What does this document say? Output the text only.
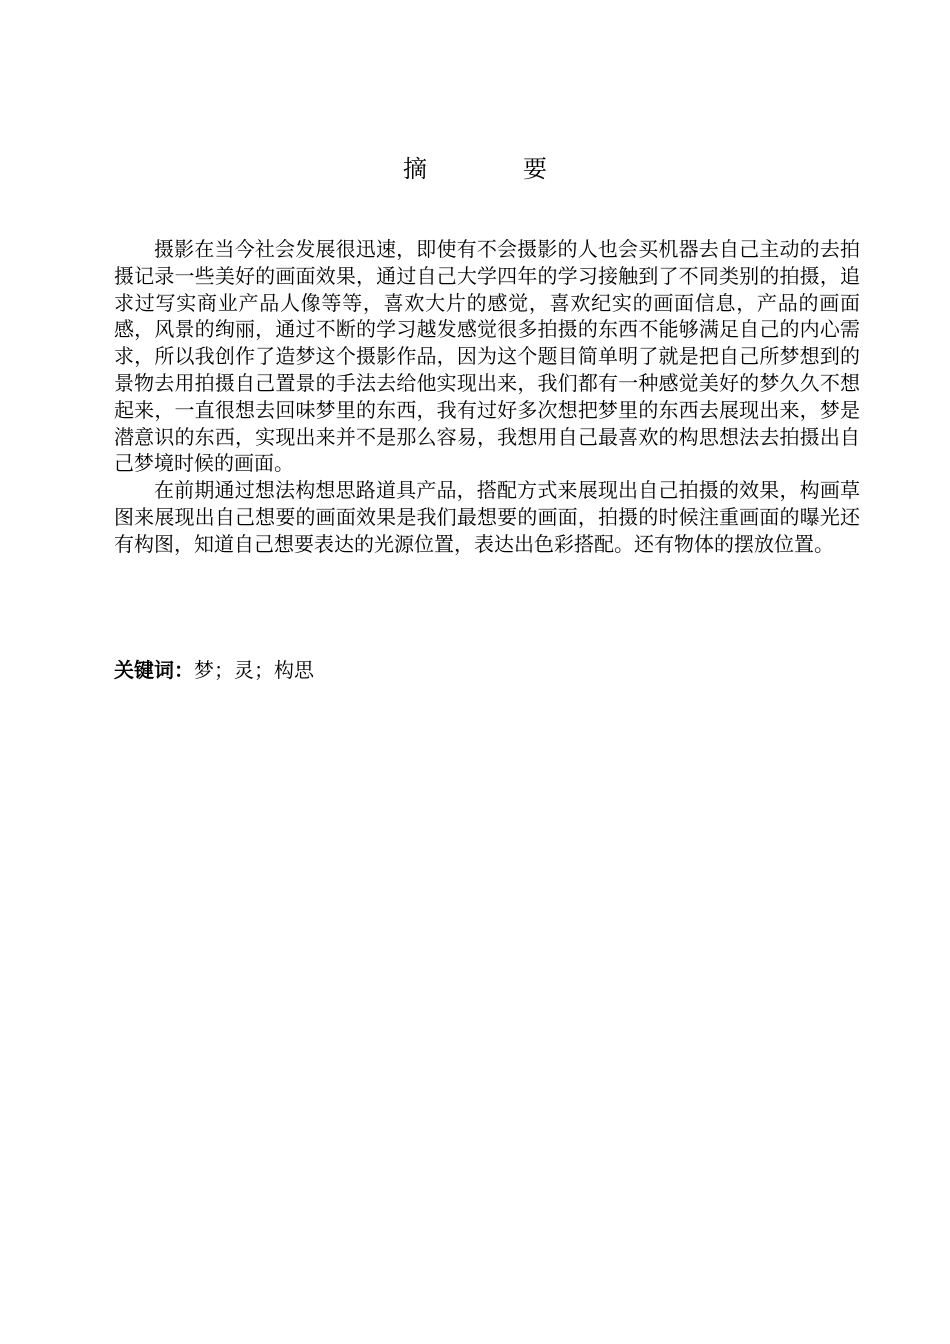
摘　要

摄影在当今社会发展很迅速，即使有不会摄影的人也会买机器去自己主动的去拍摄记录一些美好的画面效果，通过自己大学四年的学习接触到了不同类别的拍摄，追求过写实商业产品人像等等，喜欢大片的感觉，喜欢纪实的画面信息，产品的画面感，风景的绚丽，通过不断的学习越发感觉很多拍摄的东西不能够满足自己的内心需求，所以我创作了造梦这个摄影作品，因为这个题目简单明了就是把自己所梦想到的景物去用拍摄自己置景的手法去给他实现出来，我们都有一种感觉美好的梦久久不想起来，一直很想去回味梦里的东西，我有过好多次想把梦里的东西去展现出来，梦是潜意识的东西，实现出来并不是那么容易，我想用自己最喜欢的构思想法去拍摄出自己梦境时候的画面。

在前期通过想法构想思路道具产品，搭配方式来展现出自己拍摄的效果，构画草图来展现出自己想要的画面效果是我们最想要的画面，拍摄的时候注重画面的曝光还有构图，知道自己想要表达的光源位置，表达出色彩搭配。还有物体的摆放位置。

关键词：梦；灵；构思
